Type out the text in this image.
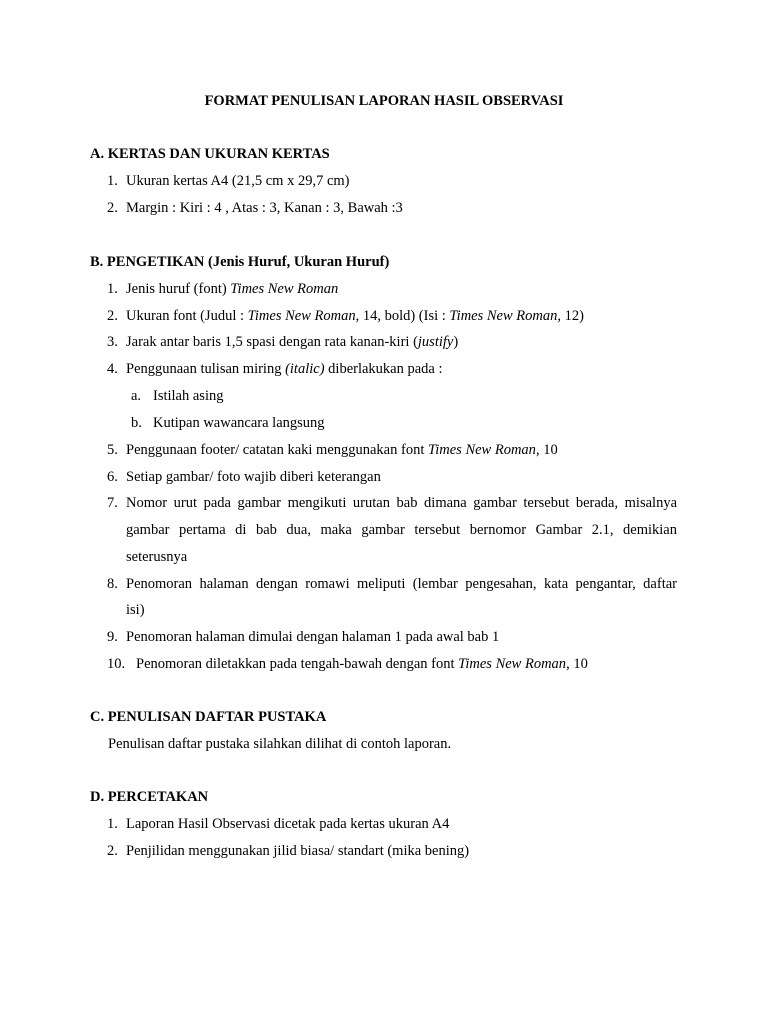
FORMAT PENULISAN LAPORAN HASIL OBSERVASI
A. KERTAS DAN UKURAN KERTAS
1. Ukuran kertas A4 (21,5 cm x 29,7 cm)
2. Margin : Kiri : 4 , Atas : 3, Kanan : 3, Bawah :3
B. PENGETIKAN (Jenis Huruf, Ukuran Huruf)
1. Jenis huruf (font) Times New Roman
2. Ukuran font (Judul : Times New Roman, 14, bold) (Isi : Times New Roman, 12)
3. Jarak antar baris 1,5 spasi dengan rata kanan-kiri (justify)
4. Penggunaan tulisan miring (italic) diberlakukan pada :
a. Istilah asing
b. Kutipan wawancara langsung
5. Penggunaan footer/ catatan kaki menggunakan font Times New Roman, 10
6. Setiap gambar/ foto wajib diberi keterangan
7. Nomor urut pada gambar mengikuti urutan bab dimana gambar tersebut berada, misalnya
gambar pertama di bab dua, maka gambar tersebut bernomor Gambar 2.1, demikian
seterusnya
8. Penomoran halaman dengan romawi meliputi (lembar pengesahan, kata pengantar, daftar
isi)
9. Penomoran halaman dimulai dengan halaman 1 pada awal bab 1
10. Penomoran diletakkan pada tengah-bawah dengan font Times New Roman, 10
C. PENULISAN DAFTAR PUSTAKA
Penulisan daftar pustaka silahkan dilihat di contoh laporan.
D. PERCETAKAN
1. Laporan Hasil Observasi dicetak pada kertas ukuran A4
2. Penjilidan menggunakan jilid biasa/ standart (mika bening)
